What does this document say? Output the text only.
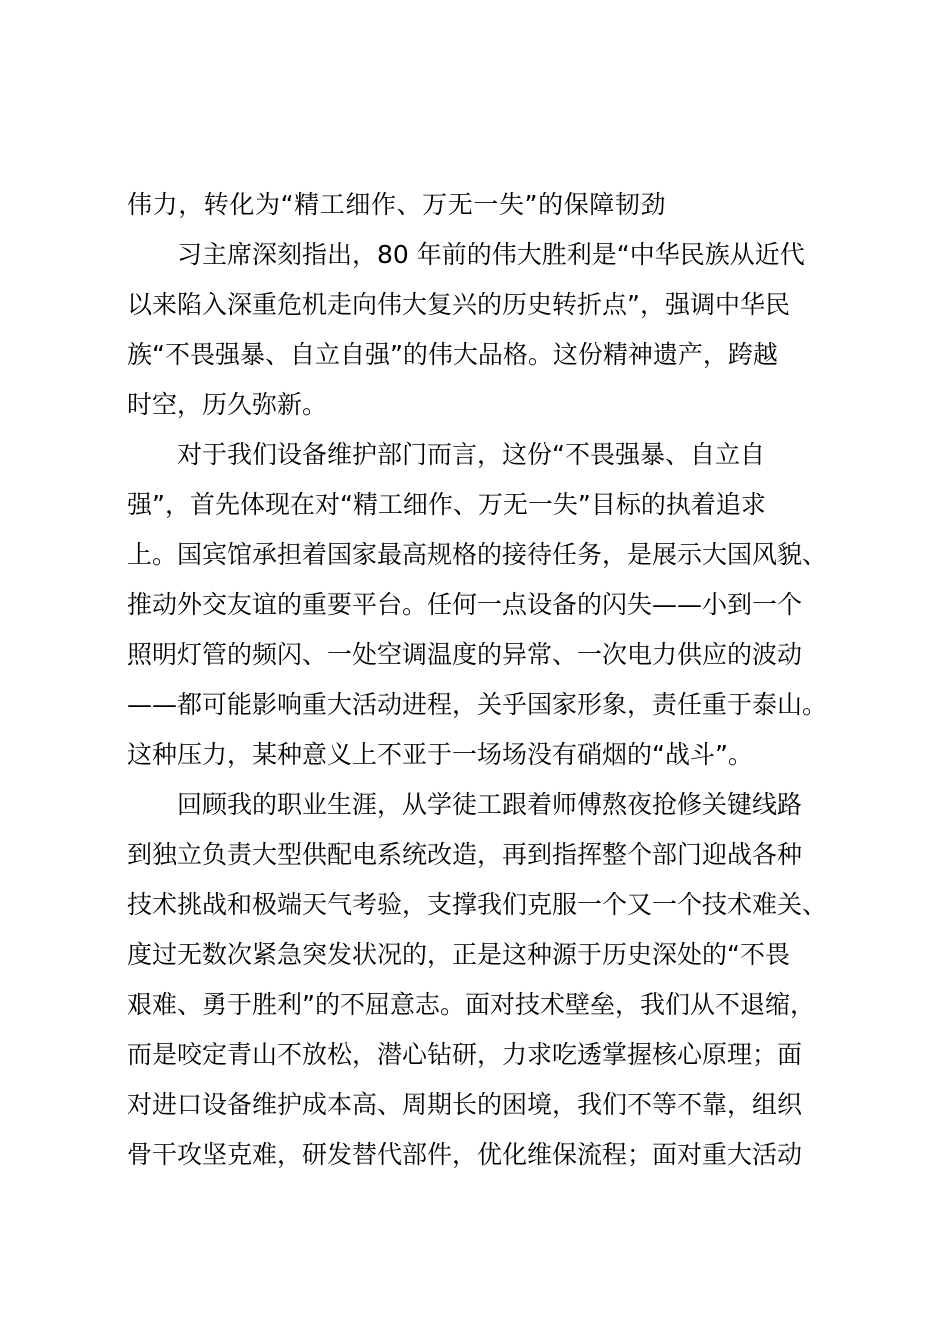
伟力，转化为“精工细作、万无一失”的保障韧劲

习主席深刻指出，80 年前的伟大胜利是“中华民族从近代
以来陷入深重危机走向伟大复兴的历史转折点”，强调中华民
族“不畏强暴、自立自强”的伟大品格。这份精神遗产，跨越
时空，历久弥新。

对于我们设备维护部门而言，这份“不畏强暴、自立自
强”，首先体现在对“精工细作、万无一失”目标的执着追求
上。国宾馆承担着国家最高规格的接待任务，是展示大国风貌、
推动外交友谊的重要平台。任何一点设备的闪失——小到一个
照明灯管的频闪、一处空调温度的异常、一次电力供应的波动
——都可能影响重大活动进程，关乎国家形象，责任重于泰山。
这种压力，某种意义上不亚于一场场没有硝烟的“战斗”。

回顾我的职业生涯，从学徒工跟着师傅熬夜抢修关键线路
到独立负责大型供配电系统改造，再到指挥整个部门迎战各种
技术挑战和极端天气考验，支撑我们克服一个又一个技术难关、
度过无数次紧急突发状况的，正是这种源于历史深处的“不畏
艰难、勇于胜利”的不屈意志。面对技术壁垒，我们从不退缩，
而是咬定青山不放松，潜心钻研，力求吃透掌握核心原理；面
对进口设备维护成本高、周期长的困境，我们不等不靠，组织
骨干攻坚克难，研发替代部件，优化维保流程；面对重大活动
